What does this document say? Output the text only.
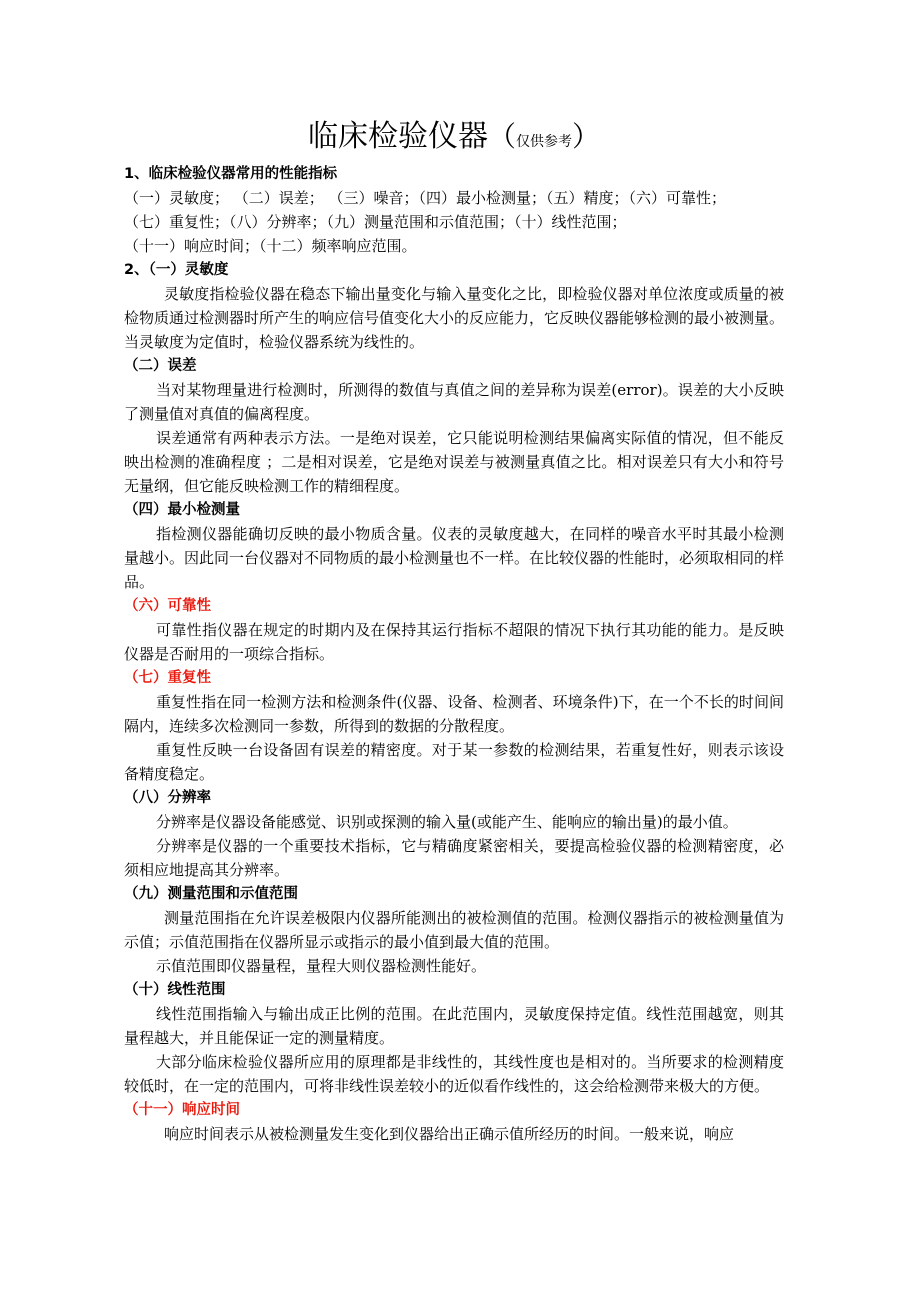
临床检验仪器（仅供参考）
1、临床检验仪器常用的性能指标
（一）灵敏度； （二）误差； （三）噪音；（四）最小检测量；（五）精度；（六）可靠性；
（七）重复性；（八）分辨率；（九）测量范围和示值范围；（十）线性范围；
（十一）响应时间；（十二）频率响应范围。
2、（一）灵敏度
灵敏度指检验仪器在稳态下输出量变化与输入量变化之比，即检验仪器对单位浓度或质量的被检物质通过检测器时所产生的响应信号值变化大小的反应能力，它反映仪器能够检测的最小被测量。当灵敏度为定值时，检验仪器系统为线性的。
（二）误差
当对某物理量进行检测时，所测得的数值与真值之间的差异称为误差(error)。误差的大小反映了测量值对真值的偏离程度。
误差通常有两种表示方法。一是绝对误差，它只能说明检测结果偏离实际值的情况，但不能反映出检测的准确程度 ；二是相对误差，它是绝对误差与被测量真值之比。相对误差只有大小和符号无量纲，但它能反映检测工作的精细程度。
（四）最小检测量
指检测仪器能确切反映的最小物质含量。仪表的灵敏度越大，在同样的噪音水平时其最小检测量越小。因此同一台仪器对不同物质的最小检测量也不一样。在比较仪器的性能时，必须取相同的样品。
（六）可靠性
可靠性指仪器在规定的时期内及在保持其运行指标不超限的情况下执行其功能的能力。是反映仪器是否耐用的一项综合指标。
（七）重复性
重复性指在同一检测方法和检测条件(仪器、设备、检测者、环境条件)下，在一个不长的时间间隔内，连续多次检测同一参数，所得到的数据的分散程度。
重复性反映一台设备固有误差的精密度。对于某一参数的检测结果，若重复性好，则表示该设备精度稳定。
（八）分辨率
分辨率是仪器设备能感觉、识别或探测的输入量(或能产生、能响应的输出量)的最小值。
分辨率是仪器的一个重要技术指标，它与精确度紧密相关，要提高检验仪器的检测精密度，必须相应地提高其分辨率。
（九）测量范围和示值范围
测量范围指在允许误差极限内仪器所能测出的被检测值的范围。检测仪器指示的被检测量值为示值；示值范围指在仪器所显示或指示的最小值到最大值的范围。
示值范围即仪器量程，量程大则仪器检测性能好。
（十）线性范围
线性范围指输入与输出成正比例的范围。在此范围内，灵敏度保持定值。线性范围越宽，则其量程越大，并且能保证一定的测量精度。
大部分临床检验仪器所应用的原理都是非线性的，其线性度也是相对的。当所要求的检测精度较低时，在一定的范围内，可将非线性误差较小的近似看作线性的，这会给检测带来极大的方便。
（十一）响应时间
响应时间表示从被检测量发生变化到仪器给出正确示值所经历的时间。一般来说，响应
